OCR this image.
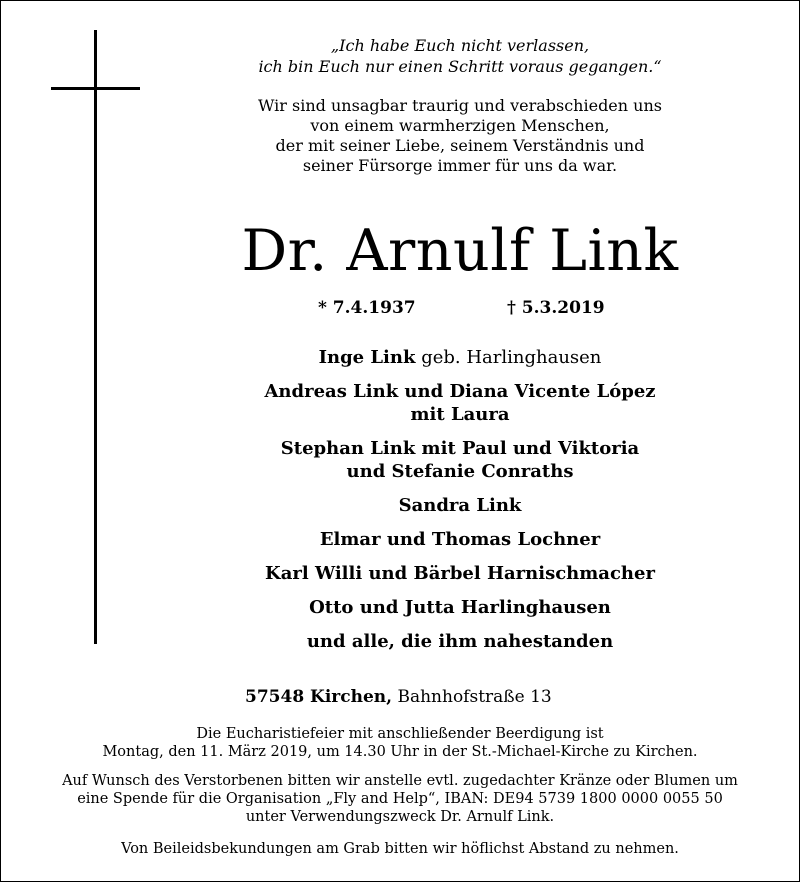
„Ich habe Euch nicht verlassen,
ich bin Euch nur einen Schritt voraus gegangen.“
Wir sind unsagbar traurig und verabschieden uns
von einem warmherzigen Menschen,
der mit seiner Liebe, seinem Verständnis und
seiner Fürsorge immer für uns da war.
Dr. Arnulf Link
* 7.4.1937	† 5.3.2019
Inge Link geb. Harlinghausen
Andreas Link und Diana Vicente López
mit Laura
Stephan Link mit Paul und Viktoria
und Stefanie Conraths
Sandra Link
Elmar und Thomas Lochner
Karl Willi und Bärbel Harnischmacher
Otto und Jutta Harlinghausen
und alle, die ihm nahestanden
57548 Kirchen, Bahnhofstraße 13
Die Eucharistiefeier mit anschließender Beerdigung ist
Montag, den 11. März 2019, um 14.30 Uhr in der St.-Michael-Kirche zu Kirchen.
Auf Wunsch des Verstorbenen bitten wir anstelle evtl. zugedachter Kränze oder Blumen um
eine Spende für die Organisation „Fly and Help“, IBAN: DE94 5739 1800 0000 0055 50
unter Verwendungszweck Dr. Arnulf Link.
Von Beileidsbekundungen am Grab bitten wir höflichst Abstand zu nehmen.
